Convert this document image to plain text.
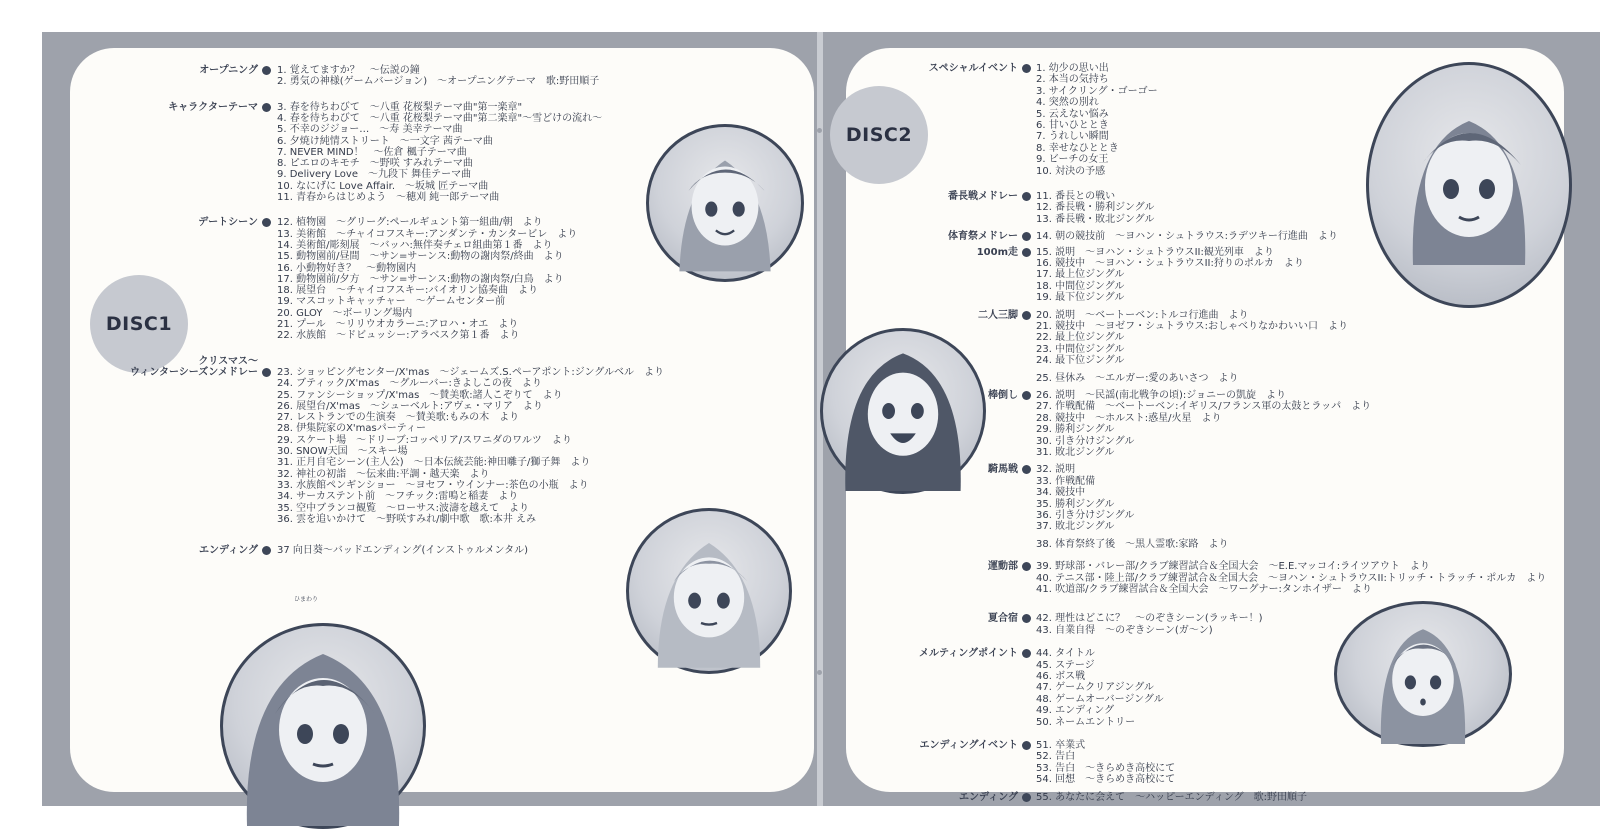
DISC1
オープニング 1. 覚えてますか？　～伝説の鐘
2. 勇気の神様(ゲームバージョン)　～オープニングテーマ　歌:野田順子
キャラクターテーマ 3. 春を待ちわびて　～八重 花桜梨テーマ曲"第一楽章"
4. 春を待ちわびて　～八重 花桜梨テーマ曲"第二楽章"～雪どけの流れ～
5. 不幸のジジョー…　～寿 美幸テーマ曲
6. 夕焼け純情ストリート　～一文字 茜テーマ曲
7. NEVER MIND！　～佐倉 楓子テーマ曲
8. ピエロのキモチ　～野咲 すみれテーマ曲
9. Delivery Love　～九段下 舞佳テーマ曲
10. なにげに Love Affair.　～坂城 匠テーマ曲
11. 青春からはじめよう　～穂刈 純一郎テーマ曲
デートシーン 12. 植物園　～グリーグ:ペールギュント第一組曲/朝　より
13. 美術館　～チャイコフスキー:アンダンテ・カンタービレ　より
14. 美術館/彫刻展　～バッハ:無伴奏チェロ組曲第１番　より
15. 動物園前/昼間　～サン=サーンス:動物の謝肉祭/終曲　より
16. 小動物好き？　～動物園内
17. 動物園前/夕方　～サン=サーンス:動物の謝肉祭/白鳥　より
18. 展望台　～チャイコフスキー:バイオリン協奏曲　より
19. マスコットキャッチャー　～ゲームセンター前
20. GLOY　～ボーリング場内
21. プール　～リリウオカラーニ:アロハ・オエ　より
22. 水族館　～ドビュッシー:アラベスク第１番　より
クリスマス～
ウィンターシーズンメドレー 23. ショッピングセンター/X'mas　～ジェームズ.S.ペーアポント:ジングルベル　より
24. ブティック/X'mas　～グルーバー:きよしこの夜　より
25. ファンシーショップ/X'mas　～賛美歌:諸人こぞりて　より
26. 展望台/X'mas　～シューベルト:アヴェ・マリア　より
27. レストランでの生演奏　～賛美歌:もみの木　より
28. 伊集院家のX'masパーティー
29. スケート場　～ドリーブ:コッペリア/スワニダのワルツ　より
30. SNOW天国　～スキー場
31. 正月自宅シーン(主人公)　～日本伝統芸能:神田囃子/獅子舞　より
32. 神社の初詣　～伝来曲:平調・越天楽　より
33. 水族館ペンギンショー　～ヨセフ・ウインナー:茶色の小瓶　より
34. サーカステント前　～フチック:雷鳴と稲妻　より
35. 空中ブランコ観覧　～ローサス:波濤を越えて　より
36. 雲を追いかけて　～野咲すみれ/劇中歌　歌:本井 えみ
エンディング 37 向日葵～バッドエンディング(インストゥルメンタル)
ひまわり
DISC2
スペシャルイベント 1. 幼少の思い出
2. 本当の気持ち
3. サイクリング・ゴーゴー
4. 突然の別れ
5. 云えない悩み
6. 甘いひととき
7. うれしい瞬間
8. 幸せなひととき
9. ビーチの女王
10. 対決の予感
番長戦メドレー 11. 番長との戦い
12. 番長戦・勝利ジングル
13. 番長戦・敗北ジングル
体育祭メドレー 14. 朝の競技前　～ヨハン・シュトラウス:ラデツキー行進曲　より
100m走 15. 説明　～ヨハン・シュトラウスII:観光列車　より
16. 競技中　～ヨハン・シュトラウスII:狩りのポルカ　より
17. 最上位ジングル
18. 中間位ジングル
19. 最下位ジングル
二人三脚 20. 説明　～ベートーベン:トルコ行進曲　より
21. 競技中　～ヨゼフ・シュトラウス:おしゃべりなかわいい口　より
22. 最上位ジングル
23. 中間位ジングル
24. 最下位ジングル
25. 昼休み　～エルガー:愛のあいさつ　より
棒倒し 26. 説明　～民謡(南北戦争の頃):ジョニーの凱旋　より
27. 作戦配備　～ベートーベン:イギリス/フランス軍の太鼓とラッパ　より
28. 競技中　～ホルスト:惑星/火星　より
29. 勝利ジングル
30. 引き分けジングル
31. 敗北ジングル
騎馬戦 32. 説明
33. 作戦配備
34. 競技中
35. 勝利ジングル
36. 引き分けジングル
37. 敗北ジングル
38. 体育祭終了後　～黒人霊歌:家路　より
運動部 39. 野球部・バレー部/クラブ練習試合＆全国大会　～E.E.マッコイ:ライツアウト　より
40. テニス部・陸上部/クラブ練習試合＆全国大会　～ヨハン・シュトラウスII:トリッチ・トラッチ・ポルカ　より
41. 吹道部/クラブ練習試合＆全国大会　～ワーグナー:タンホイザー　より
夏合宿 42. 理性はどこに？　～のぞきシーン(ラッキー！)
43. 自業自得　～のぞきシーン(ガ～ン)
メルティングポイント 44. タイトル
45. ステージ
46. ボス戦
47. ゲームクリアジングル
48. ゲームオーバージングル
49. エンディング
50. ネームエントリー
エンディングイベント 51. 卒業式
52. 告白
53. 告白　～きらめき高校にて
54. 回想　～きらめき高校にて
エンディング 55. あなたに会えて　～ハッピーエンディング　歌:野田順子
